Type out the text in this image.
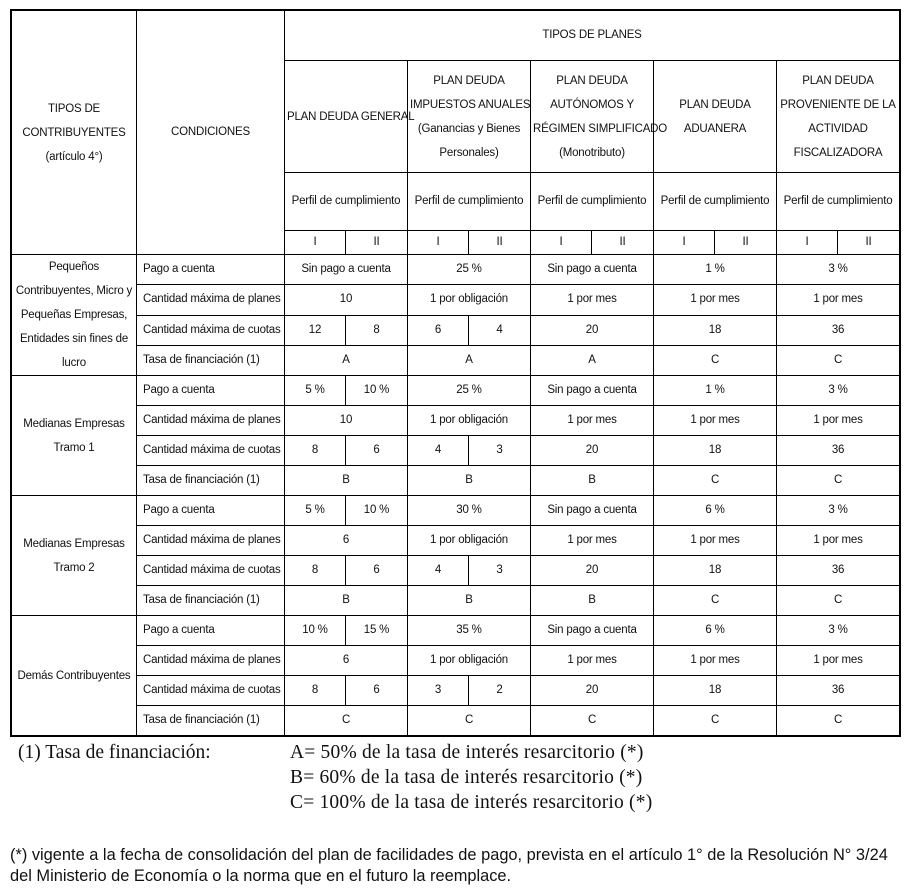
TIPOS DE
CONTRIBUYENTES
(artículo 4°)	CONDICIONES	TIPOS DE PLANES									
		PLAN DEUDA GENERAL		PLAN DEUDA
IMPUESTOS ANUALES
(Ganancias y Bienes
Personales)		PLAN DEUDA
AUTÓNOMOS Y
RÉGIMEN SIMPLIFICADO
(Monotributo)		PLAN DEUDA
ADUANERA		PLAN DEUDA
PROVENIENTE DE LA
ACTIVIDAD
FISCALIZADORA	
		Perfil de cumplimiento		Perfil de cumplimiento		Perfil de cumplimiento		Perfil de cumplimiento		Perfil de cumplimiento	
		I	II	I	II	I	II	I	II	I	II
Pequeños
Contribuyentes, Micro y
Pequeñas Empresas,
Entidades sin fines de
lucro	Pago a cuenta	Sin pago a cuenta		25 %		Sin pago a cuenta		1 %		3 %	
	Cantidad máxima de planes	10		1 por obligación		1 por mes		1 por mes		1 por mes	
	Cantidad máxima de cuotas	12	8	6	4	20		18		36	
	Tasa de financiación (1)	A		A		A		C		C	
Medianas Empresas
Tramo 1	Pago a cuenta	5 %	10 %	25 %		Sin pago a cuenta		1 %		3 %	
	Cantidad máxima de planes	10		1 por obligación		1 por mes		1 por mes		1 por mes	
	Cantidad máxima de cuotas	8	6	4	3	20		18		36	
	Tasa de financiación (1)	B		B		B		C		C	
Medianas Empresas
Tramo 2	Pago a cuenta	5 %	10 %	30 %		Sin pago a cuenta		6 %		3 %	
	Cantidad máxima de planes	6		1 por obligación		1 por mes		1 por mes		1 por mes	
	Cantidad máxima de cuotas	8	6	4	3	20		18		36	
	Tasa de financiación (1)	B		B		B		C		C	
Demás Contribuyentes	Pago a cuenta	10 %	15 %	35 %		Sin pago a cuenta		6 %		3 %	
	Cantidad máxima de planes	6		1 por obligación		1 por mes		1 por mes		1 por mes	
	Cantidad máxima de cuotas	8	6	3	2	20		18		36	
	Tasa de financiación (1)	C		C		C		C		C	
(1) Tasa de financiación:	A= 50% de la tasa de interés resarcitorio (*)
B= 60% de la tasa de interés resarcitorio (*)
C= 100% de la tasa de interés resarcitorio (*)
(*) vigente a la fecha de consolidación del plan de facilidades de pago, prevista en el artículo 1° de la Resolución N° 3/24 del Ministerio de Economía o la norma que en el futuro la reemplace.
